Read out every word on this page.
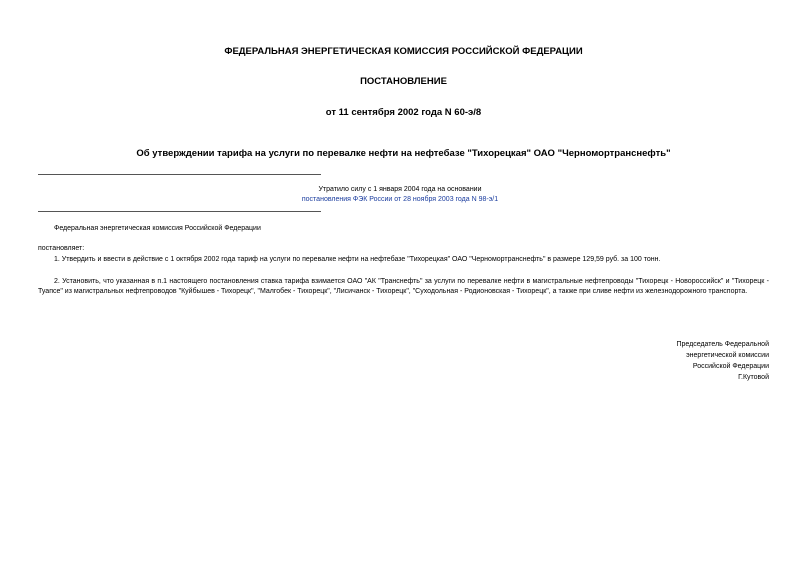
ФЕДЕРАЛЬНАЯ ЭНЕРГЕТИЧЕСКАЯ КОМИССИЯ РОССИЙСКОЙ ФЕДЕРАЦИИ
ПОСТАНОВЛЕНИЕ
от 11 сентября 2002 года N 60-э/8
Об утверждении тарифа на услуги по перевалке нефти на нефтебазе "Тихорецкая" ОАО "Черномортранснефть"
Утратило силу с 1 января 2004 года на основании
постановления ФЭК России от 28 ноября 2003 года N 98-э/1
Федеральная энергетическая комиссия Российской Федерации
постановляет:
1. Утвердить и ввести в действие с 1 октября 2002 года тариф на услуги по перевалке нефти на нефтебазе "Тихорецкая" ОАО "Черномортранснефть" в размере 129,59 руб. за 100 тонн.
2. Установить, что указанная в п.1 настоящего постановления ставка тарифа взимается ОАО "АК "Транснефть" за услуги по перевалке нефти в магистральные нефтепроводы "Тихорецк - Новороссийск" и "Тихорецк - Туапсе" из магистральных нефтепроводов "Куйбышев - Тихорецк", "Малгобек - Тихорецк", "Лисичанск - Тихорецк", "Суходольная - Родионовская - Тихорецк", а также при сливе нефти из железнодорожного транспорта.
Председатель Федеральной
энергетической комиссии
Российской Федерации
Г.Кутовой
